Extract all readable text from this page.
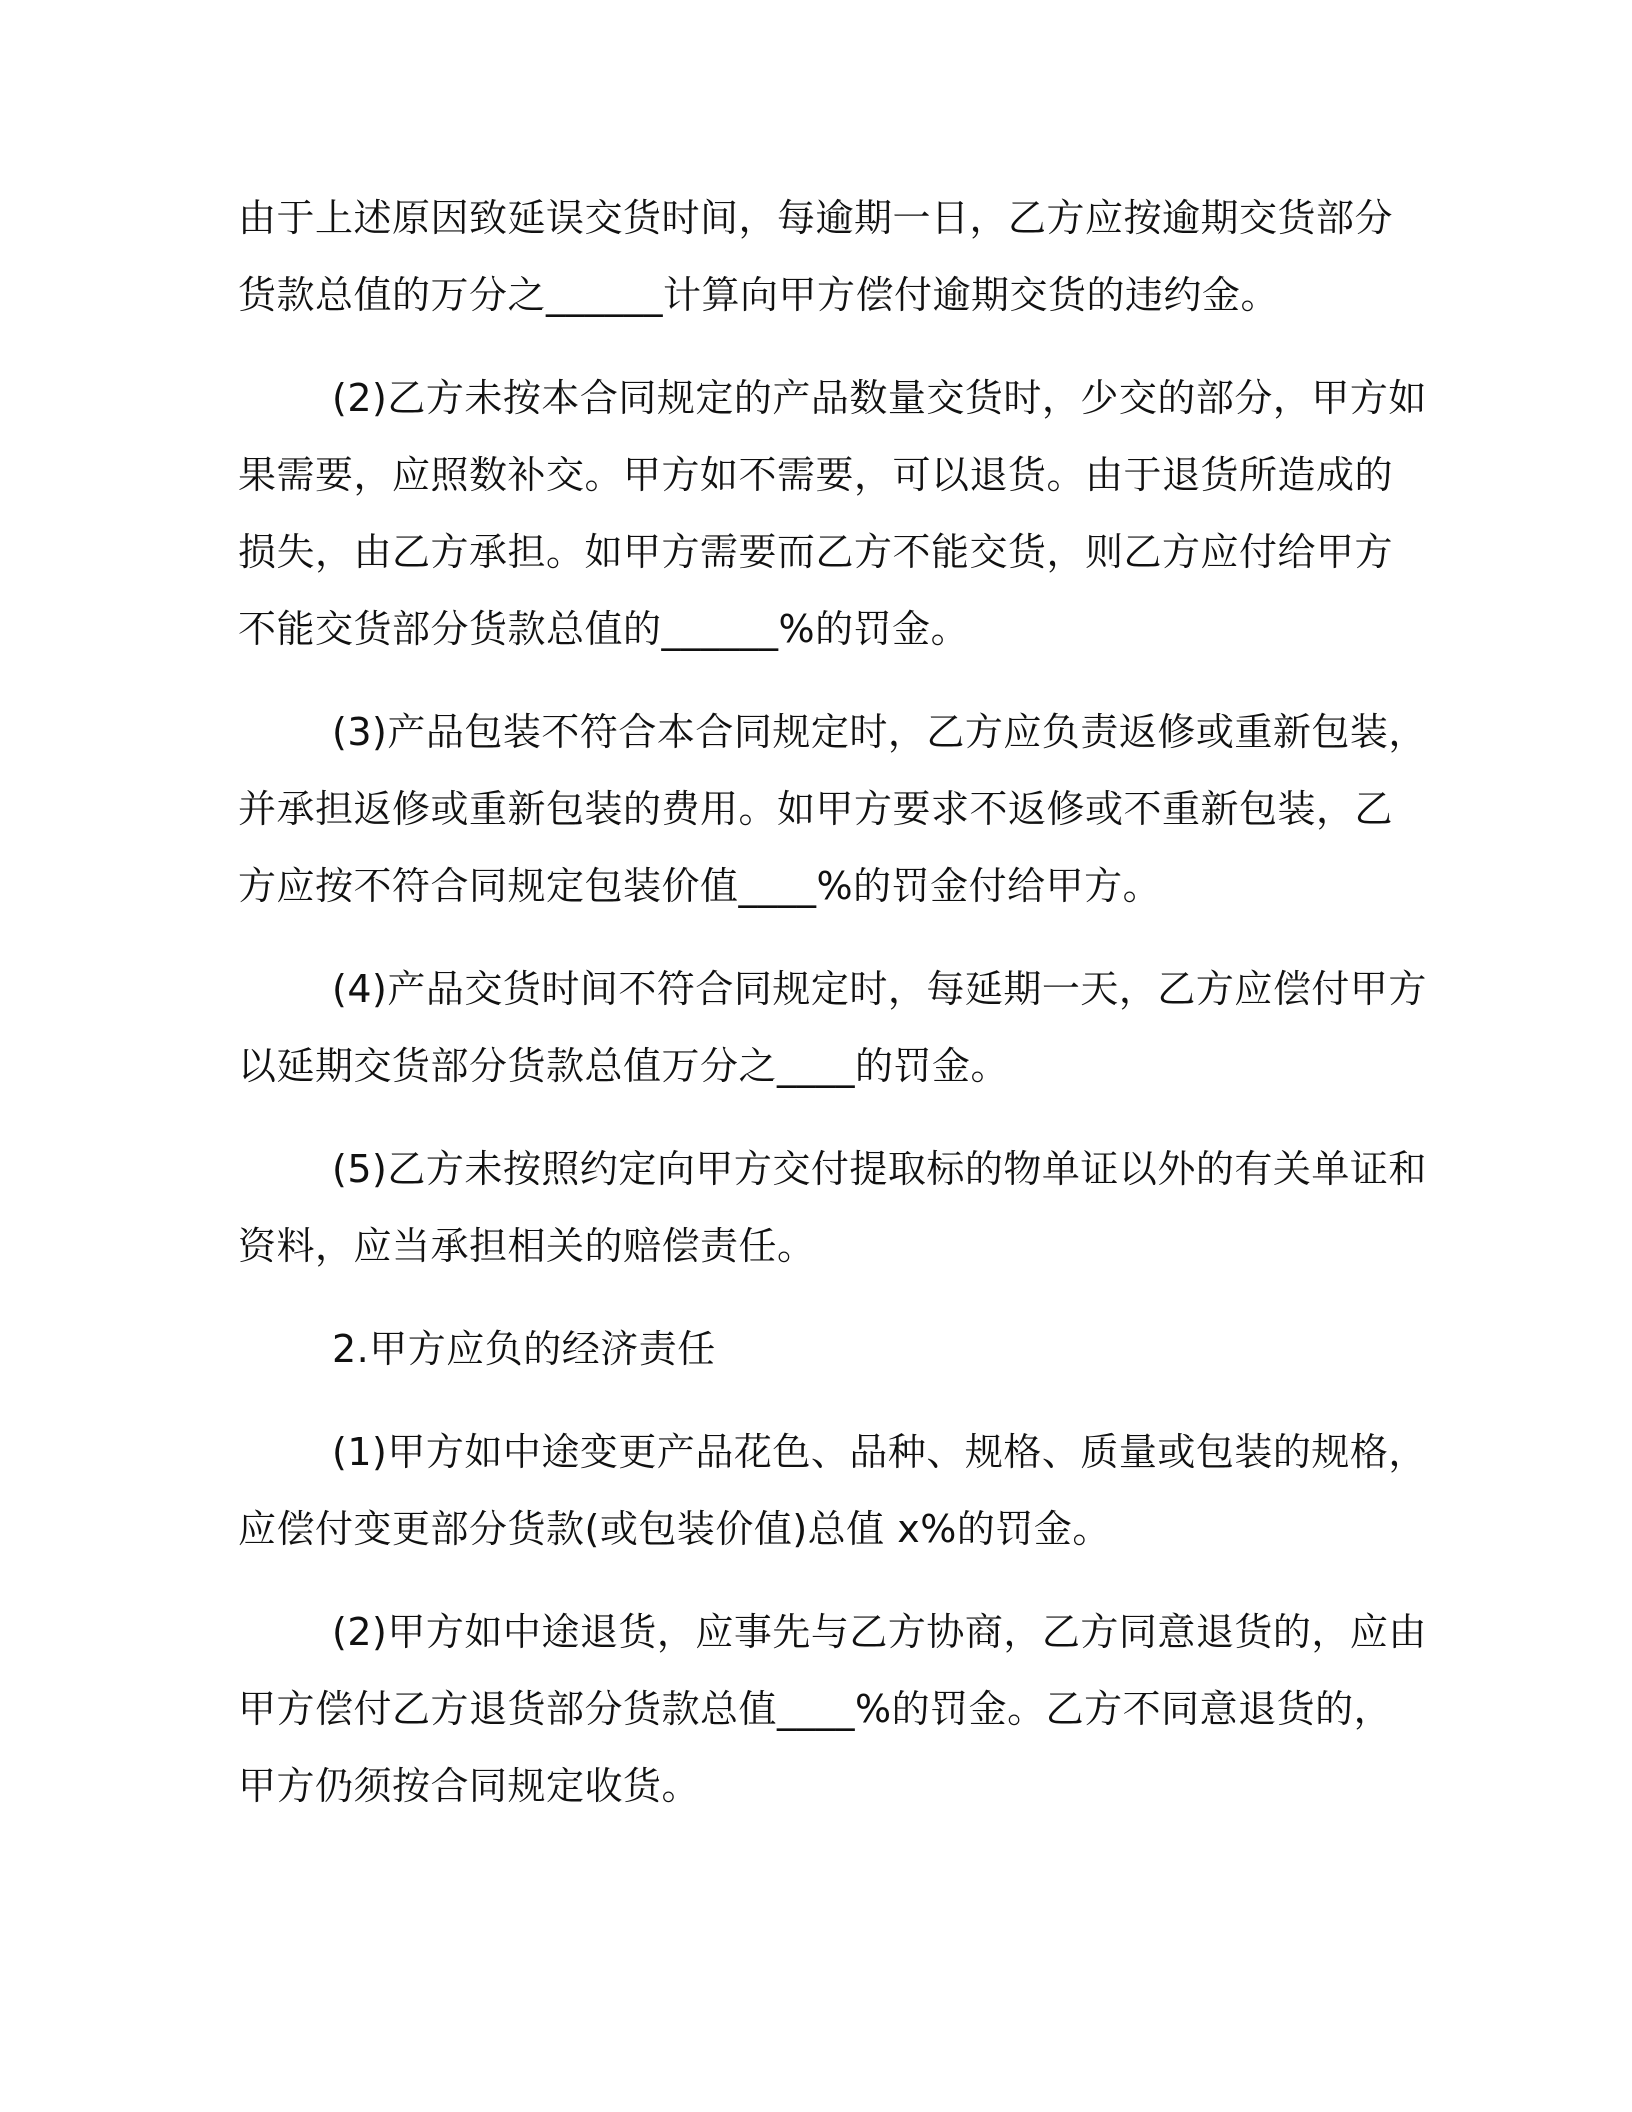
由于上述原因致延误交货时间，每逾期一日，乙方应按逾期交货部分
货款总值的万分之______计算向甲方偿付逾期交货的违约金。

(2)乙方未按本合同规定的产品数量交货时，少交的部分，甲方如
果需要，应照数补交。甲方如不需要，可以退货。由于退货所造成的
损失，由乙方承担。如甲方需要而乙方不能交货，则乙方应付给甲方
不能交货部分货款总值的______%的罚金。

(3)产品包装不符合本合同规定时，乙方应负责返修或重新包装，
并承担返修或重新包装的费用。如甲方要求不返修或不重新包装，乙
方应按不符合同规定包装价值____%的罚金付给甲方。

(4)产品交货时间不符合同规定时，每延期一天，乙方应偿付甲方
以延期交货部分货款总值万分之____的罚金。

(5)乙方未按照约定向甲方交付提取标的物单证以外的有关单证和
资料，应当承担相关的赔偿责任。

2.甲方应负的经济责任

(1)甲方如中途变更产品花色、品种、规格、质量或包装的规格，
应偿付变更部分货款(或包装价值)总值 x%的罚金。

(2)甲方如中途退货，应事先与乙方协商，乙方同意退货的，应由
甲方偿付乙方退货部分货款总值____%的罚金。乙方不同意退货的，
甲方仍须按合同规定收货。
